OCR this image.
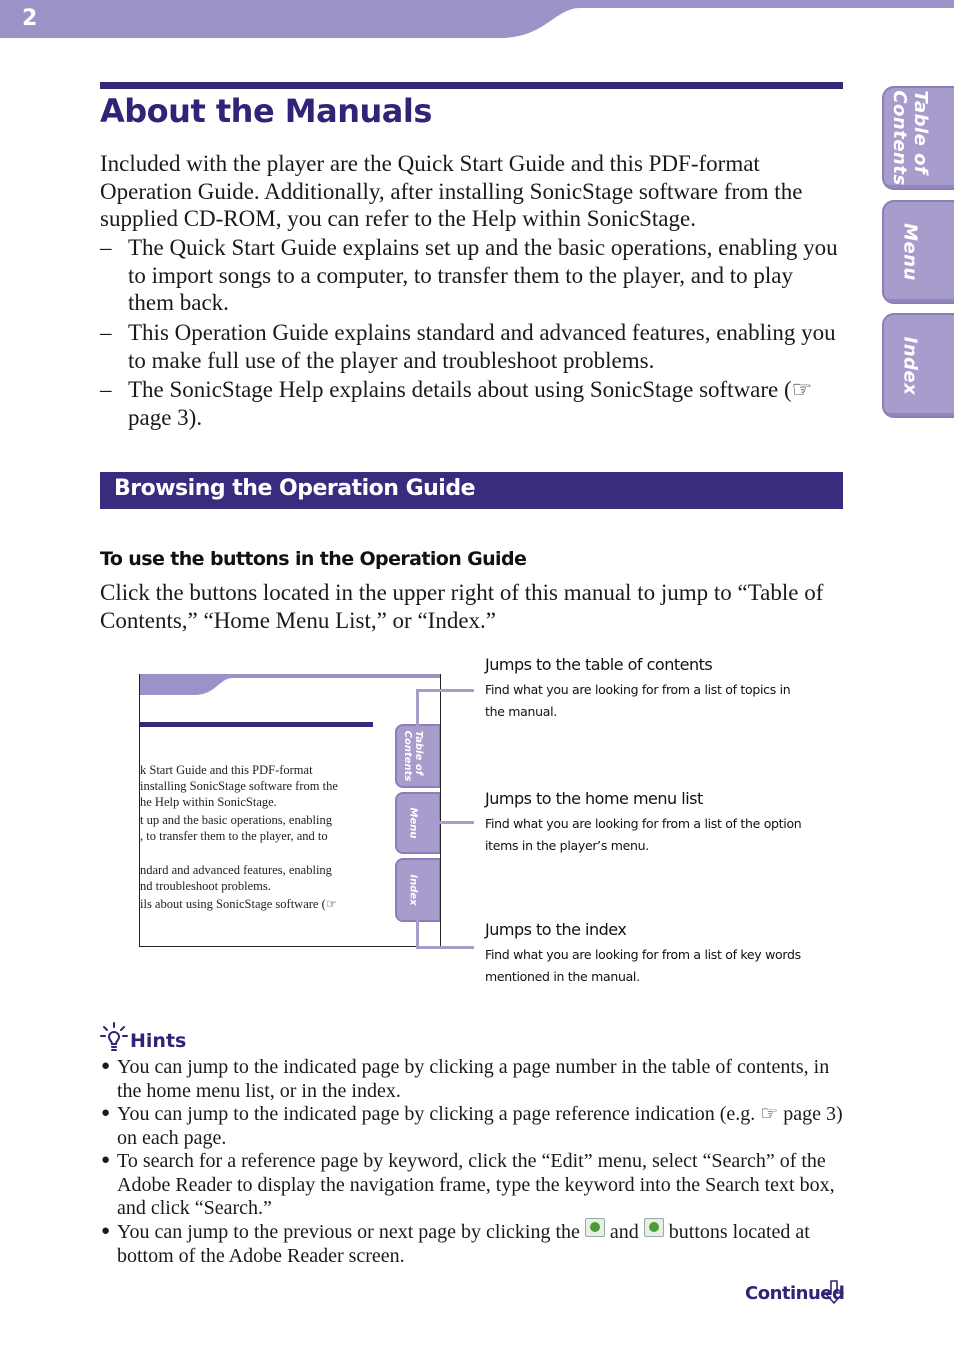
2
Table of
Contents
Menu
Index
About the Manuals

Included with the player are the Quick Start Guide and this PDF-format Operation Guide. Additionally, after installing SonicStage software from the supplied CD-ROM, you can refer to the Help within SonicStage.

– The Quick Start Guide explains set up and the basic operations, enabling you to import songs to a computer, to transfer them to the player, and to play them back.

– This Operation Guide explains standard and advanced features, enabling you to make full use of the player and troubleshoot problems.

– The SonicStage Help explains details about using SonicStage software (☞
page 3).

Browsing the Operation Guide
To use the buttons in the Operation Guide

Click the buttons located in the upper right of this manual to jump to “Table of Contents,” “Home Menu List,” or “Index.”

k Start Guide and this PDF-format
installing SonicStage software from the
he Help within SonicStage.
t up and the basic operations, enabling
, to transfer them to the player, and to
ndard and advanced features, enabling
nd troubleshoot problems.
ils about using SonicStage software (☞
Table of
Contents
Menu
Index
Jumps to the table of contents
Find what you are looking for from a list of topics in the manual.
Jumps to the home menu list
Find what you are looking for from a list of the option items in the player’s menu.
Jumps to the index
Find what you are looking for from a list of key words mentioned in the manual.
Hints
● You can jump to the indicated page by clicking a page number in the table of contents, in the home menu list, or in the index.

● You can jump to the indicated page by clicking a page reference indication (e.g. ☞ page 3) on each page.

● To search for a reference page by keyword, click the “Edit” menu, select “Search” of the Adobe Reader to display the navigation frame, type the keyword into the Search text box, and click “Search.”

● You can jump to the previous or next page by clicking the  and  buttons located at bottom of the Adobe Reader screen.

Continued
